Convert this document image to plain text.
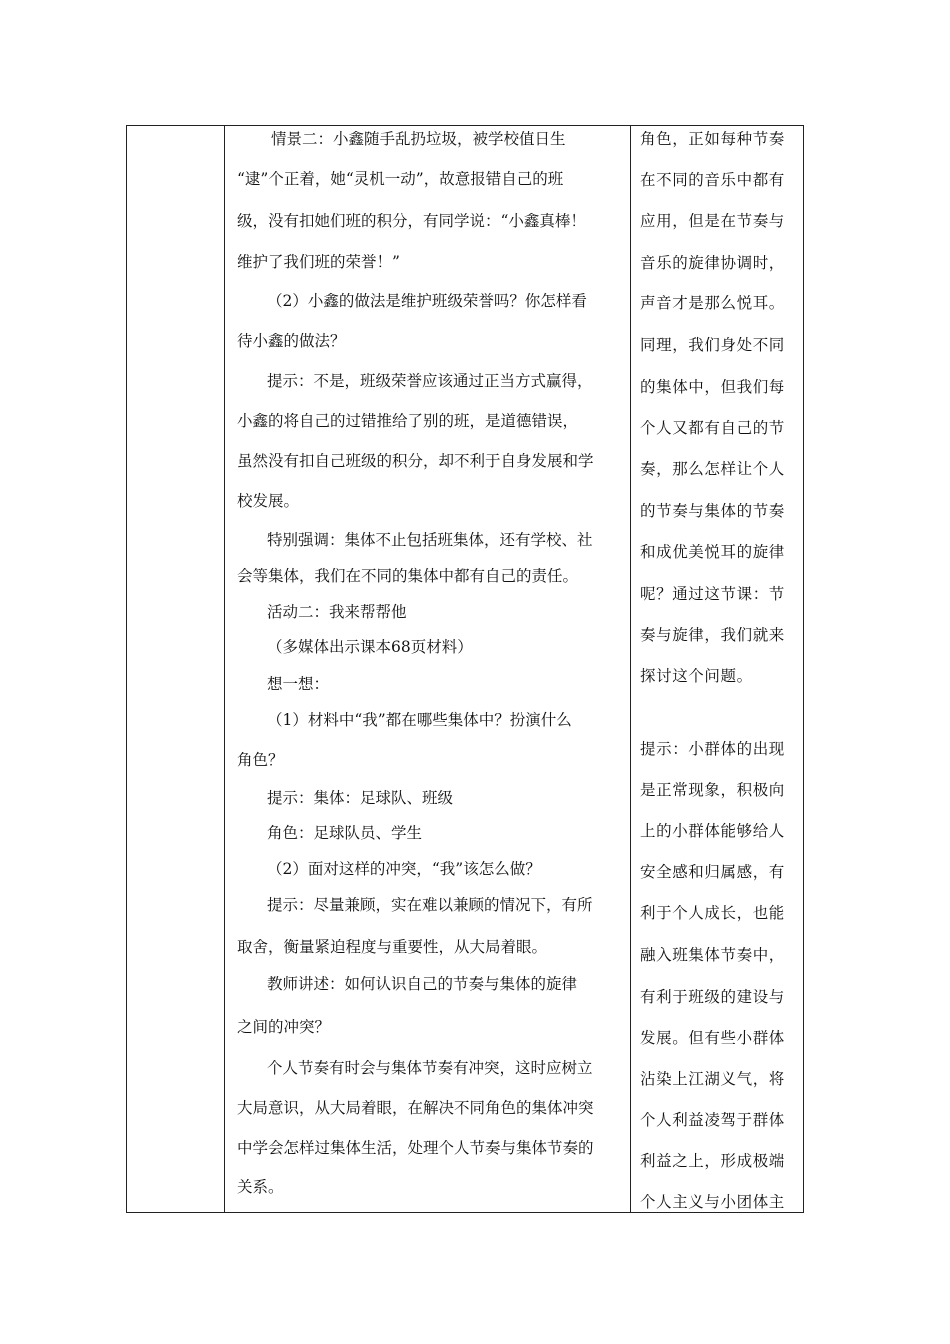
情景二：小鑫随手乱扔垃圾，被学校值日生
“逮”个正着，她“灵机一动”，故意报错自己的班
级，没有扣她们班的积分，有同学说：“小鑫真棒！
维护了我们班的荣誉！”
（2）小鑫的做法是维护班级荣誉吗？你怎样看
待小鑫的做法？
提示：不是，班级荣誉应该通过正当方式赢得，
小鑫的将自己的过错推给了别的班，是道德错误，
虽然没有扣自己班级的积分，却不利于自身发展和学
校发展。
特别强调：集体不止包括班集体，还有学校、社
会等集体，我们在不同的集体中都有自己的责任。
活动二：我来帮帮他
（多媒体出示课本68页材料）
想一想：
（1）材料中“我”都在哪些集体中？扮演什么
角色？
提示：集体：足球队、班级
角色：足球队员、学生
（2）面对这样的冲突，“我”该怎么做？
提示：尽量兼顾，实在难以兼顾的情况下，有所
取舍，衡量紧迫程度与重要性，从大局着眼。
教师讲述：如何认识自己的节奏与集体的旋律
之间的冲突？
个人节奏有时会与集体节奏有冲突，这时应树立
大局意识，从大局着眼，在解决不同角色的集体冲突
中学会怎样过集体生活，处理个人节奏与集体节奏的
关系。
角色，正如每种节奏
在不同的音乐中都有
应用，但是在节奏与
音乐的旋律协调时，
声音才是那么悦耳。
同理，我们身处不同
的集体中，但我们每
个人又都有自己的节
奏，那么怎样让个人
的节奏与集体的节奏
和成优美悦耳的旋律
呢？通过这节课：节
奏与旋律，我们就来
探讨这个问题。
提示：小群体的出现
是正常现象，积极向
上的小群体能够给人
安全感和归属感，有
利于个人成长，也能
融入班集体节奏中，
有利于班级的建设与
发展。但有些小群体
沾染上江湖义气，将
个人利益凌驾于群体
利益之上，形成极端
个人主义与小团体主
